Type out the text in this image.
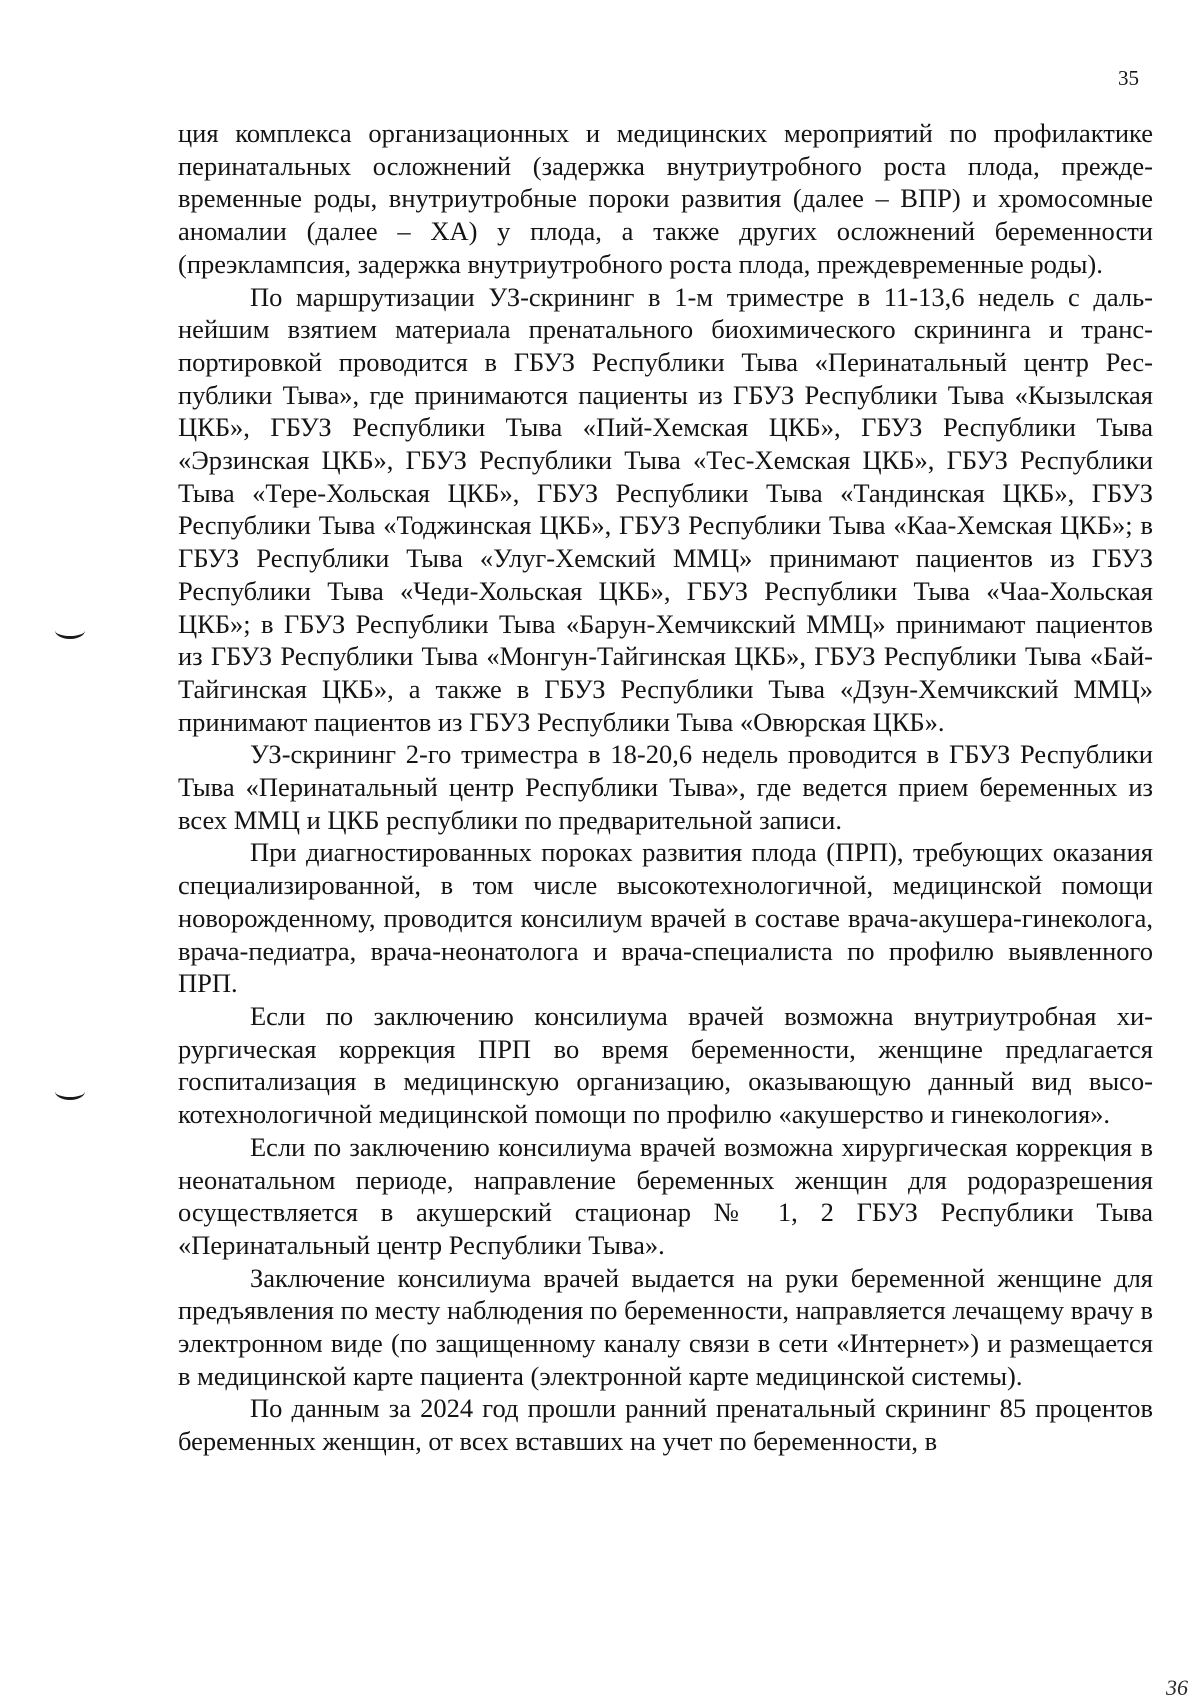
35

ция комплекса организационных и медицинских мероприятий по профилактике перинатальных осложнений (задержка внутриутробного роста плода, преждевременные роды, внутриутробные пороки развития (далее – ВПР) и хромосомные аномалии (далее – ХА) у плода, а также других осложнений беременности (преэклампсия, задержка внутриутробного роста плода, преждевременные роды).

По маршрутизации УЗ-скрининг в 1-м триместре в 11-13,6 недель с дальнейшим взятием материала пренатального биохимического скрининга и транспортировкой проводится в ГБУЗ Республики Тыва «Перинатальный центр Республики Тыва», где принимаются пациенты из ГБУЗ Республики Тыва «Кызылская ЦКБ», ГБУЗ Республики Тыва «Пий-Хемская ЦКБ», ГБУЗ Республики Тыва «Эрзинская ЦКБ», ГБУЗ Республики Тыва «Тес-Хемская ЦКБ», ГБУЗ Республики Тыва «Тере-Хольская ЦКБ», ГБУЗ Республики Тыва «Тандинская ЦКБ», ГБУЗ Республики Тыва «Тоджинская ЦКБ», ГБУЗ Республики Тыва «Каа-Хемская ЦКБ»; в ГБУЗ Республики Тыва «Улуг-Хемский ММЦ» принимают пациентов из ГБУЗ Республики Тыва «Чеди-Хольская ЦКБ», ГБУЗ Республики Тыва «Чаа-Хольская ЦКБ»; в ГБУЗ Республики Тыва «Барун-Хемчикский ММЦ» принимают пациентов из ГБУЗ Республики Тыва «Монгун-Тайгинская ЦКБ», ГБУЗ Республики Тыва «Бай-Тайгинская ЦКБ», а также в ГБУЗ Республики Тыва «Дзун-Хемчикский ММЦ» принимают пациентов из ГБУЗ Республики Тыва «Овюрская ЦКБ».

УЗ-скрининг 2-го триместра в 18-20,6 недель проводится в ГБУЗ Республики Тыва «Перинатальный центр Республики Тыва», где ведется прием беременных из всех ММЦ и ЦКБ республики по предварительной записи.

При диагностированных пороках развития плода (ПРП), требующих оказания специализированной, в том числе высокотехнологичной, медицинской помощи новорожденному, проводится консилиум врачей в составе врача-акушера-гинеколога, врача-педиатра, врача-неонатолога и врача-специалиста по профилю выявленного ПРП.

Если по заключению консилиума врачей возможна внутриутробная хирургическая коррекция ПРП во время беременности, женщине предлагается госпитализация в медицинскую организацию, оказывающую данный вид высокотехнологичной медицинской помощи по профилю «акушерство и гинекология».

Если по заключению консилиума врачей возможна хирургическая коррекция в неонатальном периоде, направление беременных женщин для родоразрешения осуществляется в акушерский стационар № 1, 2 ГБУЗ Республики Тыва «Перинатальный центр Республики Тыва».

Заключение консилиума врачей выдается на руки беременной женщине для предъявления по месту наблюдения по беременности, направляется лечащему врачу в электронном виде (по защищенному каналу связи в сети «Интернет») и размещается в медицинской карте пациента (электронной карте медицинской системы).

По данным за 2024 год прошли ранний пренатальный скрининг 85 процентов беременных женщин, от всех вставших на учет по беременности, в

36
